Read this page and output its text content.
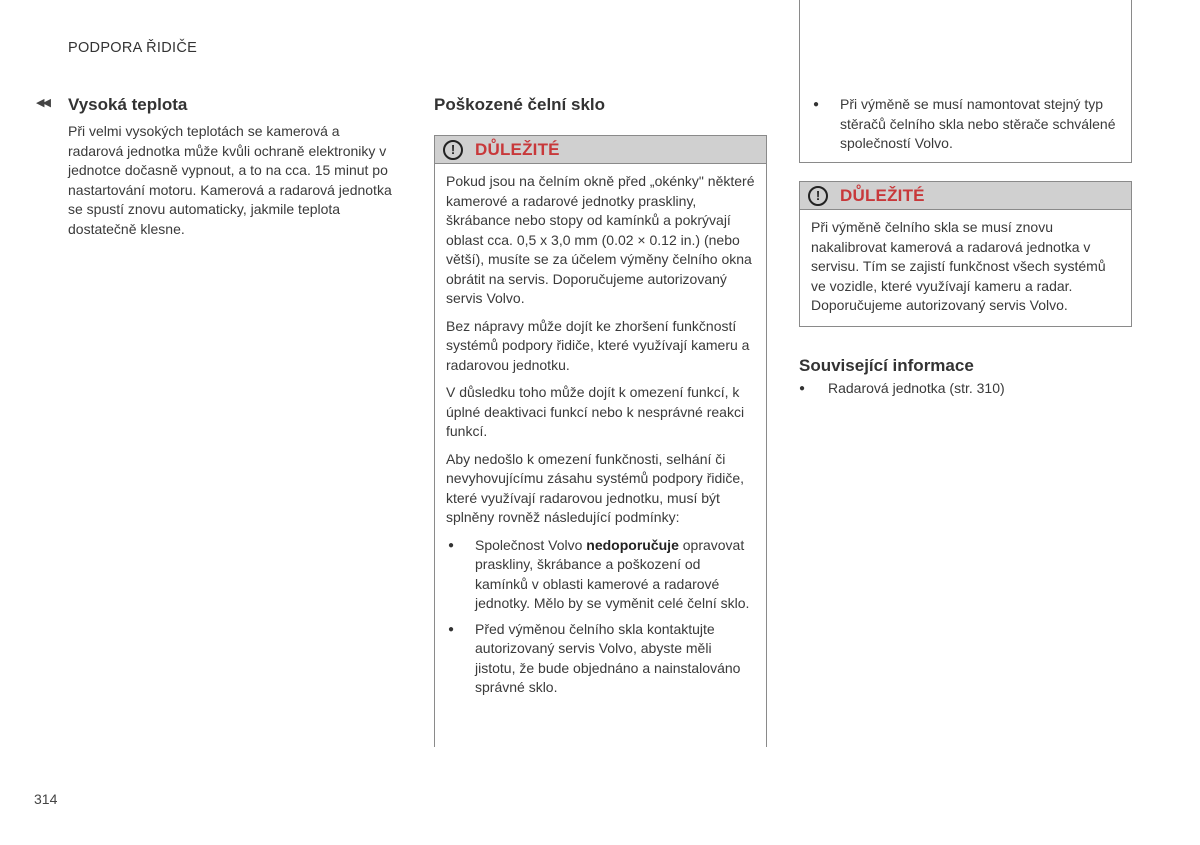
PODPORA ŘIDIČE
◀◀ Vysoká teplota

Při velmi vysokých teplotách se kamerová a radarová jednotka může kvůli ochraně elektroniky v jednotce dočasně vypnout, a to na cca. 15 minut po nastartování motoru. Kamerová a radarová jednotka se spustí znovu automaticky, jakmile teplota dostatečně klesne.

Poškozené čelní sklo
!	DŮLEŽITÉ

Pokud jsou na čelním okně před „okénky" některé kamerové a radarové jednotky praskliny, škrábance nebo stopy od kamínků a pokrývají oblast cca. 0,5 x 3,0 mm (0.02 × 0.12 in.) (nebo větší), musíte se za účelem výměny čelního okna obrátit na servis. Doporučujeme autorizovaný servis Volvo.

Bez nápravy může dojít ke zhoršení funkčností systémů podpory řidiče, které využívají kameru a radarovou jednotku.

V důsledku toho může dojít k omezení funkcí, k úplné deaktivaci funkcí nebo k nesprávné reakci funkcí.

Aby nedošlo k omezení funkčnosti, selhání či nevyhovujícímu zásahu systémů podpory řidiče, které využívají radarovou jednotku, musí být splněny rovněž následující podmínky:

● Společnost Volvo nedoporučuje opravovat praskliny, škrábance a poškození od kamínků v oblasti kamerové a radarové jednotky. Mělo by se vyměnit celé čelní sklo.
● Před výměnou čelního skla kontaktujte autorizovaný servis Volvo, abyste měli jistotu, že bude objednáno a nainstalováno správné sklo.
● Při výměně se musí namontovat stejný typ stěračů čelního skla nebo stěrače schválené společností Volvo.
!	DŮLEŽITÉ

Při výměně čelního skla se musí znovu nakalibrovat kamerová a radarová jednotka v servisu. Tím se zajistí funkčnost všech systémů ve vozidle, které využívají kameru a radar. Doporučujeme autorizovaný servis Volvo.

Související informace
● Radarová jednotka (str. 310)
314
